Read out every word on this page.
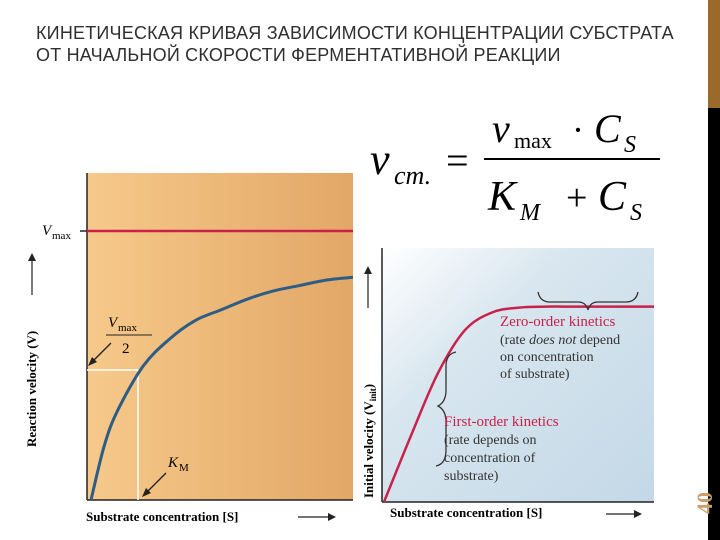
КИНЕТИЧЕСКАЯ КРИВАЯ ЗАВИСИМОСТИ КОНЦЕНТРАЦИИ СУБСТРАТА ОТ НАЧАЛЬНОЙ СКОРОСТИ ФЕРМЕНТАТИВНОЙ РЕАКЦИИ
40
v ст. =
v max · C S
K M + C S
V max
V max
2
K M
Substrate concentration [S]
Reaction velocity (V)
Zero-order kinetics
(rate does not depend
on concentration
of substrate)
First-order kinetics
(rate depends on
concentration of
substrate)
Substrate concentration [S]
Initial velocity $(V_{init})$
